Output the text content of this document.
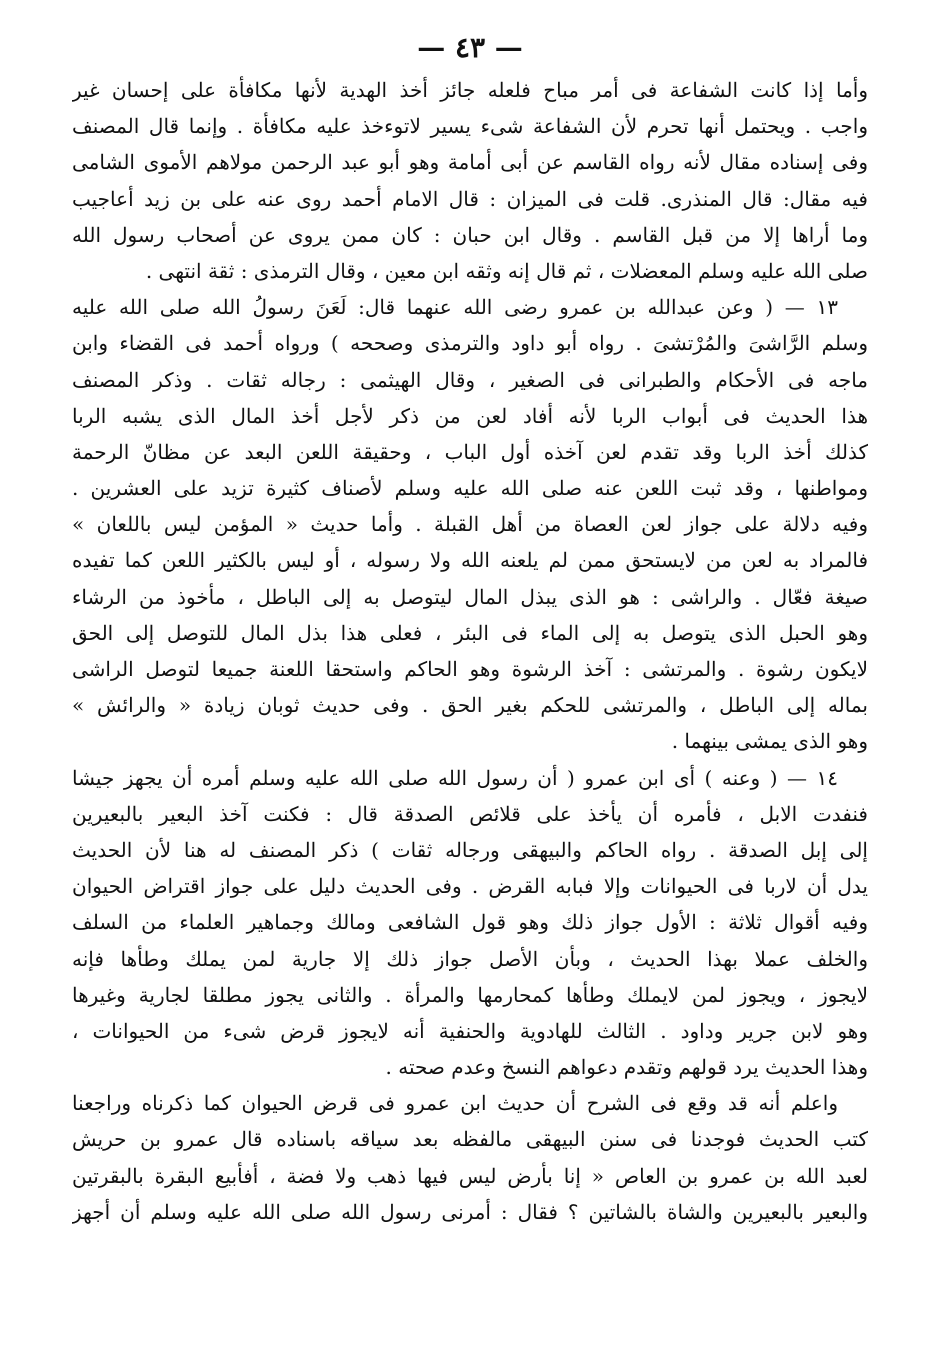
— ٤٣ —
وأما إذا كانت الشفاعة فى أمر مباح فلعله جائز أخذ الهدية لأنها مكافأة على إحسان غير
واجب . ويحتمل أنها تحرم لأن الشفاعة شىء يسير لاتوءخذ عليه مكافأة . وإنما قال المصنف
وفى إسناده مقال لأنه رواه القاسم عن أبى أمامة وهو أبو عبد الرحمن مولاهم الأموى الشامى
فيه مقال: قال المنذرى. قلت فى الميزان : قال الامام أحمد روى عنه على بن زيد أعاجيب
وما أراها إلا من قبل القاسم . وقال ابن حبان : كان ممن يروى عن أصحاب رسول الله
صلى الله عليه وسلم المعضلات ، ثم قال إنه وثقه ابن معين ، وقال الترمذى : ثقة انتهى .
١٣ — ( وعن عبدالله بن عمرو رضى الله عنهما قال: لَعَنَ رسولُ الله صلى الله عليه
وسلم الرَّاشىَ والمُرْتشىَ . رواه أبو داود والترمذى وصححه ) ورواه أحمد فى القضاء وابن
ماجه فى الأحكام والطبرانى فى الصغير ، وقال الهيثمى : رجاله ثقات . وذكر المصنف
هذا الحديث فى أبواب الربا لأنه أفاد لعن من ذكر لأجل أخذ المال الذى يشبه الربا
كذلك أخذ الربا وقد تقدم لعن آخذه أول الباب ، وحقيقة اللعن البعد عن مظانّ الرحمة
ومواطنها ، وقد ثبت اللعن عنه صلى الله عليه وسلم لأصناف كثيرة تزيد على العشرين .
وفيه دلالة على جواز لعن العصاة من أهل القبلة . وأما حديث « المؤمن ليس باللعان »
فالمراد به لعن من لايستحق ممن لم يلعنه الله ولا رسوله ، أو ليس بالكثير اللعن كما تفيده
صيغة فعّال . والراشى : هو الذى يبذل المال ليتوصل به إلى الباطل ، مأخوذ من الرشاء
وهو الحبل الذى يتوصل به إلى الماء فى البئر ، فعلى هذا بذل المال للتوصل إلى الحق
لايكون رشوة . والمرتشى : آخذ الرشوة وهو الحاكم واستحقا اللعنة جميعا لتوصل الراشى
بماله إلى الباطل ، والمرتشى للحكم بغير الحق . وفى حديث ثوبان زيادة « والرائش »
وهو الذى يمشى بينهما .
١٤ — ( وعنه ) أى ابن عمرو ( أن رسول الله صلى الله عليه وسلم أمره أن يجهز جيشا
فنفدت الابل ، فأمره أن يأخذ على قلائص الصدقة قال : فكنت آخذ البعير بالبعيرين
إلى إبل الصدقة . رواه الحاكم والبيهقى ورجاله ثقات ) ذكر المصنف له هنا لأن الحديث
يدل أن لاربا فى الحيوانات وإلا فبابه القرض . وفى الحديث دليل على جواز اقتراض الحيوان
وفيه أقوال ثلاثة : الأول جواز ذلك وهو قول الشافعى ومالك وجماهير العلماء من السلف
والخلف عملا بهذا الحديث ، وبأن الأصل جواز ذلك إلا جارية لمن يملك وطأها فإنه
لايجوز ، ويجوز لمن لايملك وطأها كمحارمها والمرأة . والثانى يجوز مطلقا لجارية وغيرها
وهو لابن جرير وداود . الثالث للهادوية والحنفية أنه لايجوز قرض شىء من الحيوانات ،
وهذا الحديث يرد قولهم وتقدم دعواهم النسخ وعدم صحته .
واعلم أنه قد وقع فى الشرح أن حديث ابن عمرو فى قرض الحيوان كما ذكرناه وراجعنا
كتب الحديث فوجدنا فى سنن البيهقى مالفظه بعد سياقه باسناده قال عمرو بن حريش
لعبد الله بن عمرو بن العاص « إنا بأرض ليس فيها ذهب ولا فضة ، أفأبيع البقرة بالبقرتين
والبعير بالبعيرين والشاة بالشاتين ؟ فقال : أمرنى رسول الله صلى الله عليه وسلم أن أجهز
